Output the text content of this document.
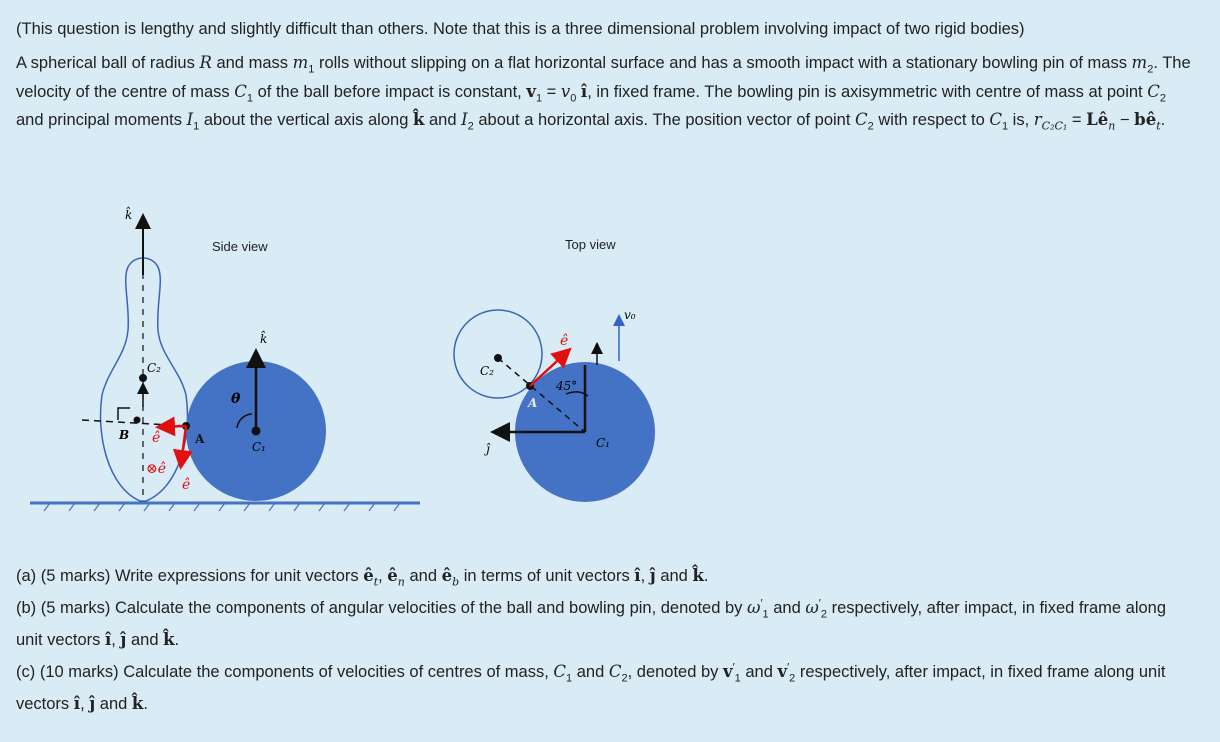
(This question is lengthy and slightly difficult than others. Note that this is a three dimensional problem involving impact of two rigid bodies)

A spherical ball of radius R and mass $m_1$ rolls without slipping on a flat horizontal surface and has a smooth impact with a stationary bowling pin of mass $m_2$. The velocity of the centre of mass $C_1$ of the ball before impact is constant, $v_1 = v_0$ î, in fixed frame. The bowling pin is axisymmetric with centre of mass at point $C_2$ and principal moments $I_1$ about the vertical axis along k̂ and $I_2$ about a horizontal axis. The position vector of point $C_2$ with respect to $C_1$ is, $r_{C_2C_1}$ = $Lê_n$ − $bê_t$.

k̂
k̂
C₂
B	A
C₁
θ
ê
⊗ê
ê
C₂
A
C₁
45°
ê î
ĵ
v₀
Side view	Top view

(a) (5 marks) Write expressions for unit vectors $ê_t$, $ê_n$ and $ê_b$ in terms of unit vectors î, ĵ and k̂.

(b) (5 marks) Calculate the components of angular velocities of the ball and bowling pin, denoted by $\omega'_1$ and $\omega'_2$ respectively, after impact, in fixed frame along unit vectors î, ĵ and k̂.

(c) (10 marks) Calculate the components of velocities of centres of mass, $C_1$ and $C_2$, denoted by $v'_1$ and $v'_2$ respectively, after impact, in fixed frame along unit vectors î, ĵ and k̂.
